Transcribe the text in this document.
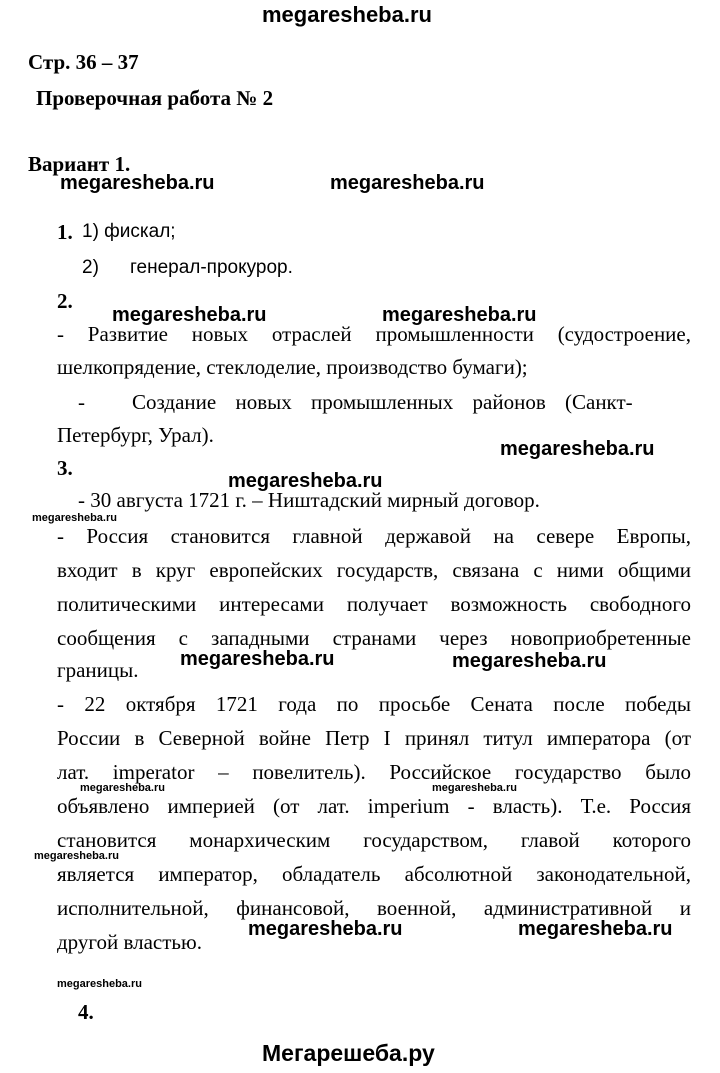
megaresheba.ru
Стр. 36 – 37
Проверочная работа № 2
Вариант 1.
megaresheba.ru	megaresheba.ru
1. 1) фискал;
2) генерал-прокурор.
2.
megaresheba.ru	megaresheba.ru
- Развитие новых отраслей промышленности (судостроение,
шелкопрядение, стеклоделие, производство бумаги);
- Создание новых промышленных районов (Санкт-
Петербург, Урал).
megaresheba.ru
3.
megaresheba.ru
- 30 августа 1721 г. – Ништадский мирный договор.
megaresheba.ru
- Россия становится главной державой на севере Европы,
входит в круг европейских государств, связана с ними общими
политическими интересами получает возможность свободного
сообщения с западными странами через новоприобретенные
megaresheba.ru	megaresheba.ru
границы.
- 22 октября 1721 года по просьбе Сената после победы
России в Северной войне Петр I принял титул императора (от
лат. imperator – повелитель). Российское государство было
megaresheba.ru	megaresheba.ru
объявлено империей (от лат. imperium - власть). Т.е. Россия
становится монархическим государством, главой которого
megaresheba.ru
является император, обладатель абсолютной законодательной,
исполнительной, финансовой, военной, административной и
другой властью.
megaresheba.ru	megaresheba.ru
megaresheba.ru
4.
Мегарешеба.ру
